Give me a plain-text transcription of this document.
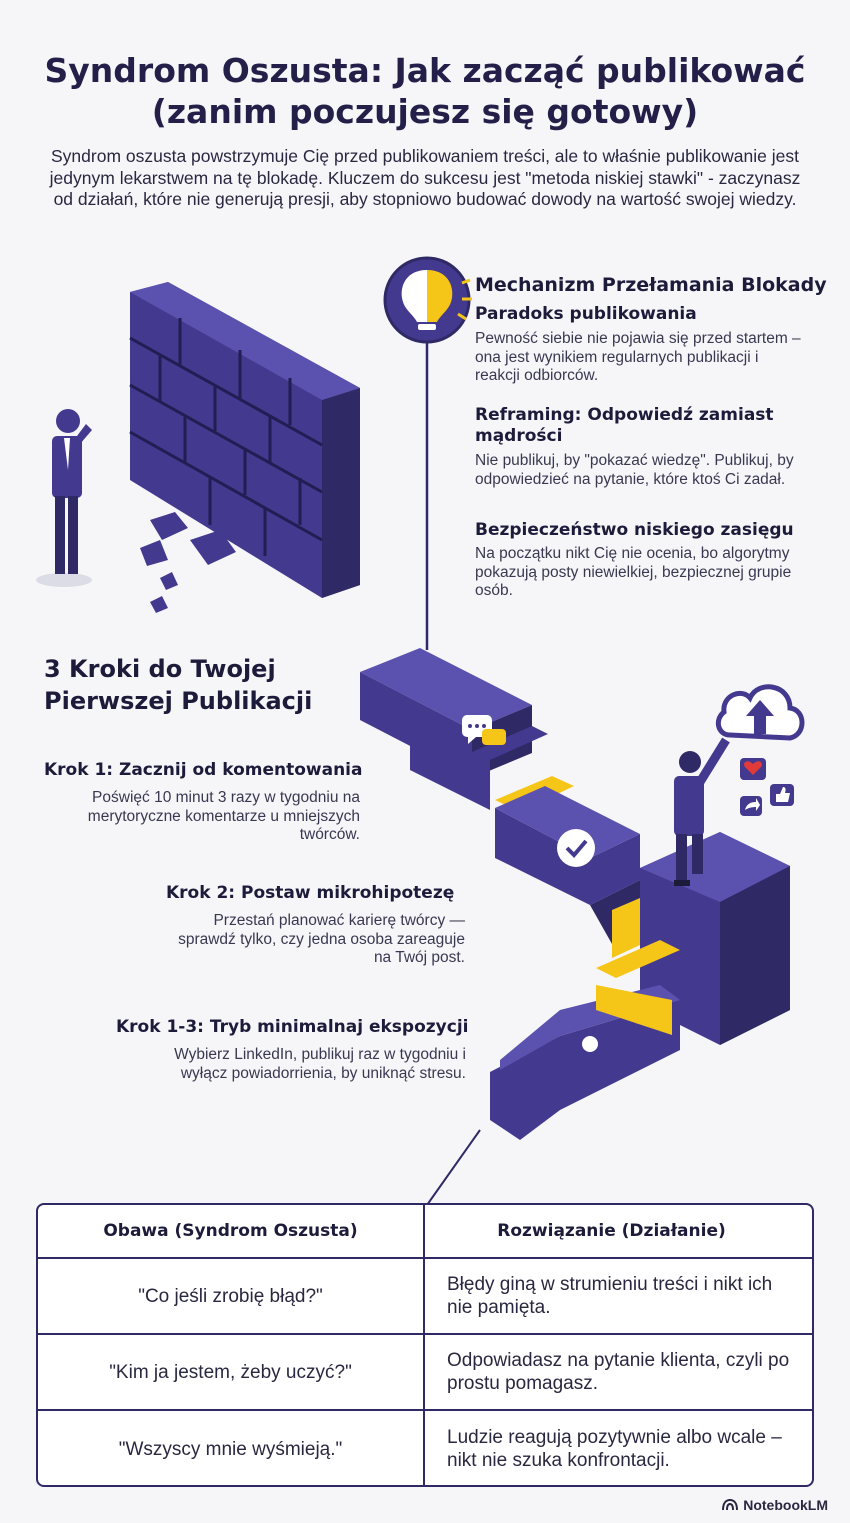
Syndrom Oszusta: Jak zacząć publikować
(zanim poczujesz się gotowy)

Syndrom oszusta powstrzymuje Cię przed publikowaniem treści, ale to właśnie publikowanie jest jedynym lekarstwem na tę blokadę. Kluczem do sukcesu jest "metoda niskiej stawki" - zaczynasz od działań, które nie generują presji, aby stopniowo budować dowody na wartość swojej wiedzy.

Mechanizm Przełamania Blokady
Paradoks publikowania

Pewność siebie nie pojawia się przed startem – ona jest wynikiem regularnych publikacji i reakcji odbiorców.

Reframing: Odpowiedź zamiast mądrości

Nie publikuj, by "pokazać wiedzę". Publikuj, by odpowiedzieć na pytanie, które ktoś Ci zadał.

Bezpieczeństwo niskiego zasięgu

Na początku nikt Cię nie ocenia, bo algorytmy pokazują posty niewielkiej, bezpiecznej grupie osób.

3 Kroki do Twojej
Pierwszej Publikacji
Krok 1: Zacznij od komentowania

Poświęć 10 minut 3 razy w tygodniu na merytoryczne komentarze u mniejszych twórców.

Krok 2: Postaw mikrohipotezę

Przestań planować karierę twórcy — sprawdź tylko, czy jedna osoba zareaguje na Twój post.

Krok 1-3: Tryb minimalnaj ekspozycji

Wybierz LinkedIn, publikuj raz w tygodniu i wyłącz powiadorrienia, by uniknąć stresu.

Obawa (Syndrom Oszusta)	Rozwiązanie (Działanie)
"Co jeśli zrobię błąd?"
Błędy giną w strumieniu treści i nikt ich nie pamięta.
"Kim ja jestem, żeby uczyć?"
Odpowiadasz na pytanie klienta, czyli po prostu pomagasz.
"Wszyscy mnie wyśmieją."
Ludzie reagują pozytywnie albo wcale – nikt nie szuka konfrontacji.
NotebookLM
